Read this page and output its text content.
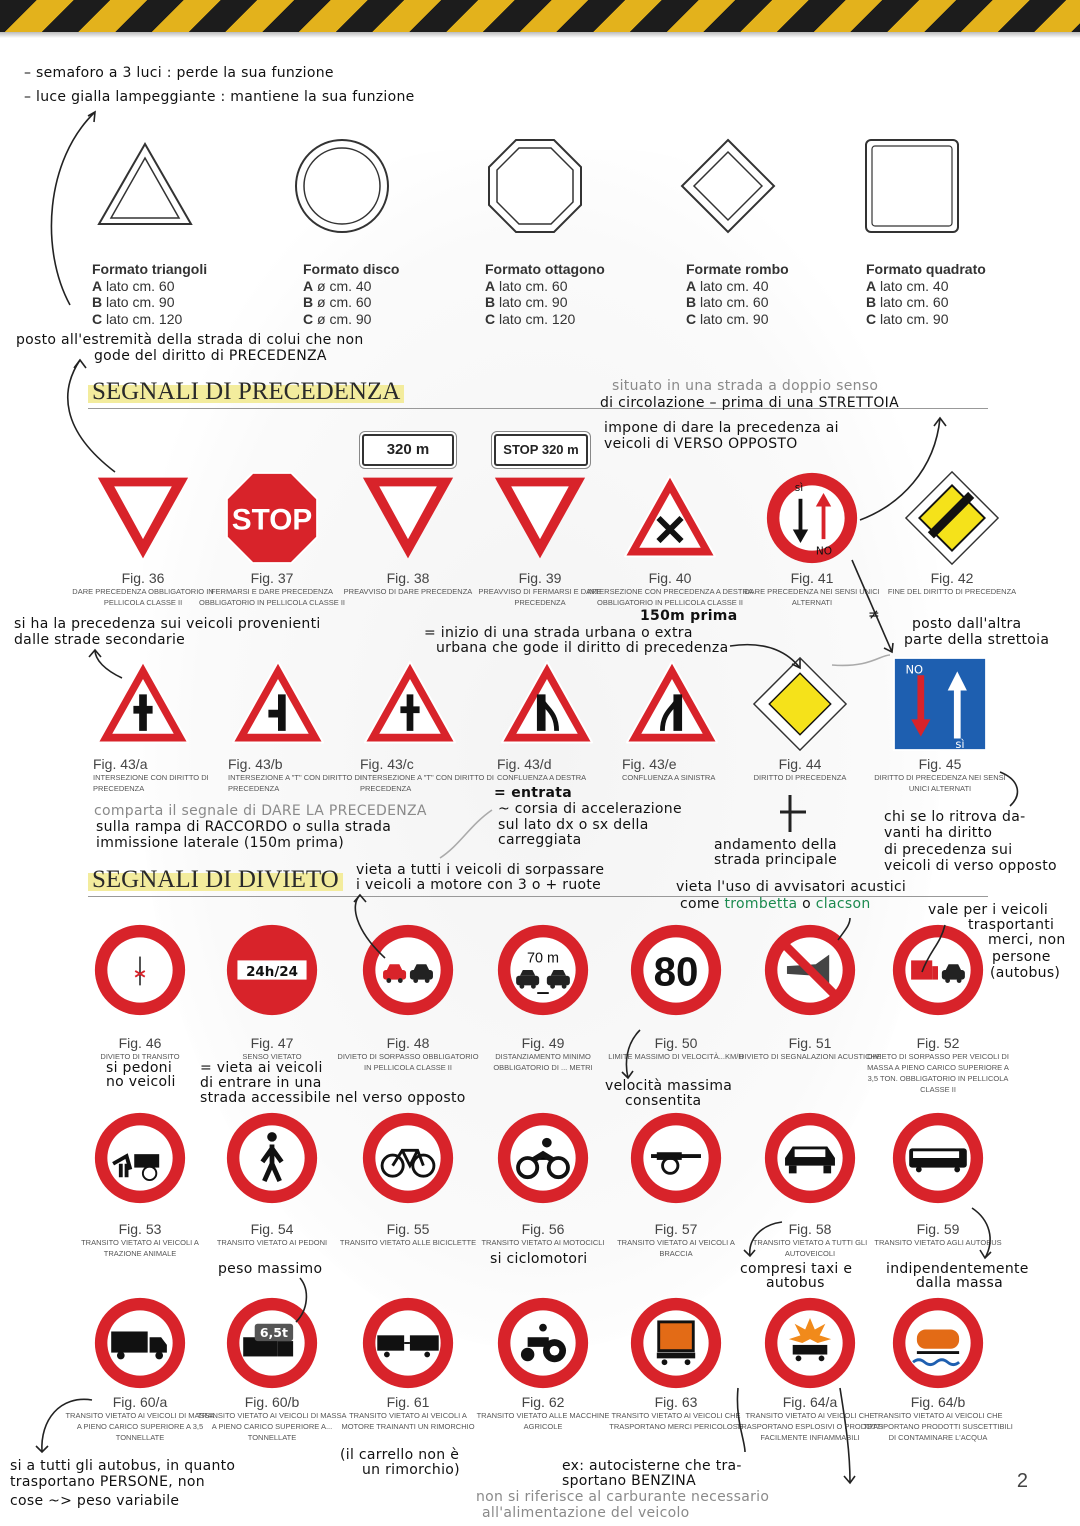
Formato triangoli
A lato cm. 60
B lato cm. 90
C lato cm. 120
Formato disco
A ø cm. 40
B ø cm. 60
C ø cm. 90
Formato ottagono
A lato cm. 60
B lato cm. 90
C lato cm. 120
Formate rombo
A lato cm. 40
B lato cm. 60
C lato cm. 90
Formato quadrato
A lato cm. 40
B lato cm. 60
C lato cm. 90
SEGNALI DI PRECEDENZA
SEGNALI DI DIVIETO
320 m	STOP 320 m
Fig. 36
DARE PRECEDENZA OBBLIGATORIO IN PELLICOLA CLASSE II
STOP
Fig. 37
FERMARSI E DARE PRECEDENZA OBBLIGATORIO IN PELLICOLA CLASSE II
Fig. 38
PREAVVISO DI DARE PRECEDENZA
Fig. 39
PREAVVISO DI FERMARSI E DARE PRECEDENZA
Fig. 40
INTERSEZIONE CON PRECEDENZA A DESTRA OBBLIGATORIO IN PELLICOLA CLASSE II
sì
NO
Fig. 41
DARE PRECEDENZA NEI SENSI UNICI ALTERNATI
Fig. 42
FINE DEL DIRITTO DI PRECEDENZA
Fig. 43/a
INTERSEZIONE CON DIRITTO DI PRECEDENZA
Fig. 43/b
INTERSEZIONE A "T" CON DIRITTO DI PRECEDENZA
Fig. 43/c
INTERSEZIONE A "T" CON DIRITTO DI PRECEDENZA
Fig. 43/d
CONFLUENZA A DESTRA
Fig. 43/e
CONFLUENZA A SINISTRA
Fig. 44
DIRITTO DI PRECEDENZA
NO
sì
Fig. 45
DIRITTO DI PRECEDENZA NEI SENSI UNICI ALTERNATI
Fig. 46
DIVIETO DI TRANSITO
24h/24
Fig. 47
SENSO VIETATO
Fig. 48
DIVIETO DI SORPASSO OBBLIGATORIO IN PELLICOLA CLASSE II
70 m
Fig. 49
DISTANZIAMENTO MINIMO OBBLIGATORIO DI ... METRI
80
Fig. 50
LIMITE MASSIMO DI VELOCITÀ...KM/H
Fig. 51
DIVIETO DI SEGNALAZIONI ACUSTICHE
Fig. 52
DIVIETO DI SORPASSO PER VEICOLI DI MASSA A PIENO CARICO SUPERIORE A 3,5 TON. OBBLIGATORIO IN PELLICOLA CLASSE II
Fig. 53
TRANSITO VIETATO AI VEICOLI A TRAZIONE ANIMALE
Fig. 54
TRANSITO VIETATO AI PEDONI
Fig. 55
TRANSITO VIETATO ALLE BICICLETTE
Fig. 56
TRANSITO VIETATO AI MOTOCICLI
Fig. 57
TRANSITO VIETATO AI VEICOLI A BRACCIA
Fig. 58
TRANSITO VIETATO A TUTTI GLI AUTOVEICOLI
Fig. 59
TRANSITO VIETATO AGLI AUTOBUS
Fig. 60/a
TRANSITO VIETATO AI VEICOLI DI MASSA A PIENO CARICO SUPERIORE A 3,5 TONNELLATE
6,5t
Fig. 60/b
TRANSITO VIETATO AI VEICOLI DI MASSA A PIENO CARICO SUPERIORE A... TONNELLATE
Fig. 61
TRANSITO VIETATO AI VEICOLI A MOTORE TRAINANTI UN RIMORCHIO
Fig. 62
TRANSITO VIETATO ALLE MACCHINE AGRICOLE
Fig. 63
TRANSITO VIETATO AI VEICOLI CHE TRASPORTANO MERCI PERICOLOSE
Fig. 64/a
TRANSITO VIETATO AI VEICOLI CHE TRASPORTANO ESPLOSIVI O PRODOTTI FACILMENTE INFIAMMABILI
Fig. 64/b
TRANSITO VIETATO AI VEICOLI CHE TRASPORTANO PRODOTTI SUSCETTIBILI DI CONTAMINARE L'ACQUA
– semaforo a 3 luci : perde la sua funzione
– luce gialla lampeggiante : mantiene la sua funzione
posto all'estremità della strada di colui che non
gode del diritto di PRECEDENZA
situato in una strada a doppio senso
di circolazione – prima di una STRETTOIA
impone di dare la precedenza ai
veicoli di VERSO OPPOSTO
150m prima
si ha la precedenza sui veicoli provenienti
dalle strade secondarie	= inizio di una strada urbana o extra
urbana che gode il diritto di precedenza
≠
posto dall'altra
parte della strettoia
comparta il segnale di DARE LA PRECEDENZA
sulla rampa di RACCORDO o sulla strada
immissione laterale (150m prima)
= entrata
~ corsia di accelerazione
sul lato dx o sx della
carreggiata	andamento della
strada principale
chi se lo ritrova da-
vanti ha diritto
di precedenza sui
veicoli di verso opposto
vieta a tutti i veicoli di sorpassare
i veicoli a motore con 3 o + ruote	vieta l'uso di avvisatori acustici
come trombetta o clacson	vale per i veicoli
trasportanti
merci, non
persone
(autobus)
si pedoni
no veicoli
= vieta ai veicoli
di entrare in una
strada accessibile nel verso opposto
velocità massima
consentita
si ciclomotori
peso massimo	compresi taxi e
autobus
indipendentemente
dalla massa
(il carrello non è
un rimorchio)	ex: autocisterne che tra-
sportano BENZINA
non si riferisce al carburante necessario
all'alimentazione del veicolo
si a tutti gli autobus, in quanto
trasportano PERSONE, non
cose ~> peso variabile
2
